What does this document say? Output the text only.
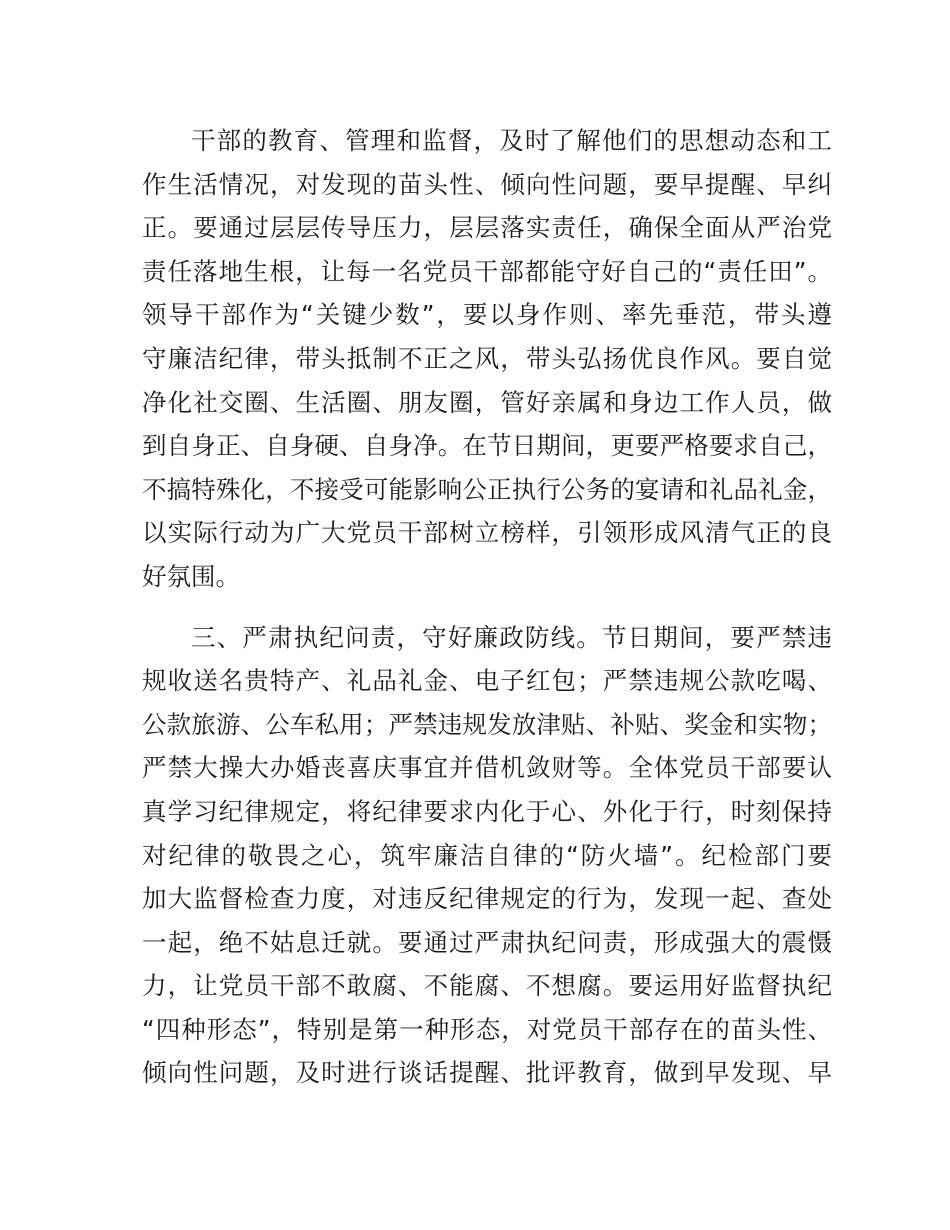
干部的教育、管理和监督，及时了解他们的思想动态和工
作生活情况，对发现的苗头性、倾向性问题，要早提醒、早纠
正。要通过层层传导压力，层层落实责任，确保全面从严治党
责任落地生根，让每一名党员干部都能守好自己的“责任田”。
领导干部作为“关键少数”，要以身作则、率先垂范，带头遵
守廉洁纪律，带头抵制不正之风，带头弘扬优良作风。要自觉
净化社交圈、生活圈、朋友圈，管好亲属和身边工作人员，做
到自身正、自身硬、自身净。在节日期间，更要严格要求自己，
不搞特殊化，不接受可能影响公正执行公务的宴请和礼品礼金，
以实际行动为广大党员干部树立榜样，引领形成风清气正的良
好氛围。
三、严肃执纪问责，守好廉政防线。节日期间，要严禁违
规收送名贵特产、礼品礼金、电子红包；严禁违规公款吃喝、
公款旅游、公车私用；严禁违规发放津贴、补贴、奖金和实物；
严禁大操大办婚丧喜庆事宜并借机敛财等。全体党员干部要认
真学习纪律规定，将纪律要求内化于心、外化于行，时刻保持
对纪律的敬畏之心，筑牢廉洁自律的“防火墙”。纪检部门要
加大监督检查力度，对违反纪律规定的行为，发现一起、查处
一起，绝不姑息迁就。要通过严肃执纪问责，形成强大的震慑
力，让党员干部不敢腐、不能腐、不想腐。要运用好监督执纪
“四种形态”，特别是第一种形态，对党员干部存在的苗头性、
倾向性问题，及时进行谈话提醒、批评教育，做到早发现、早
